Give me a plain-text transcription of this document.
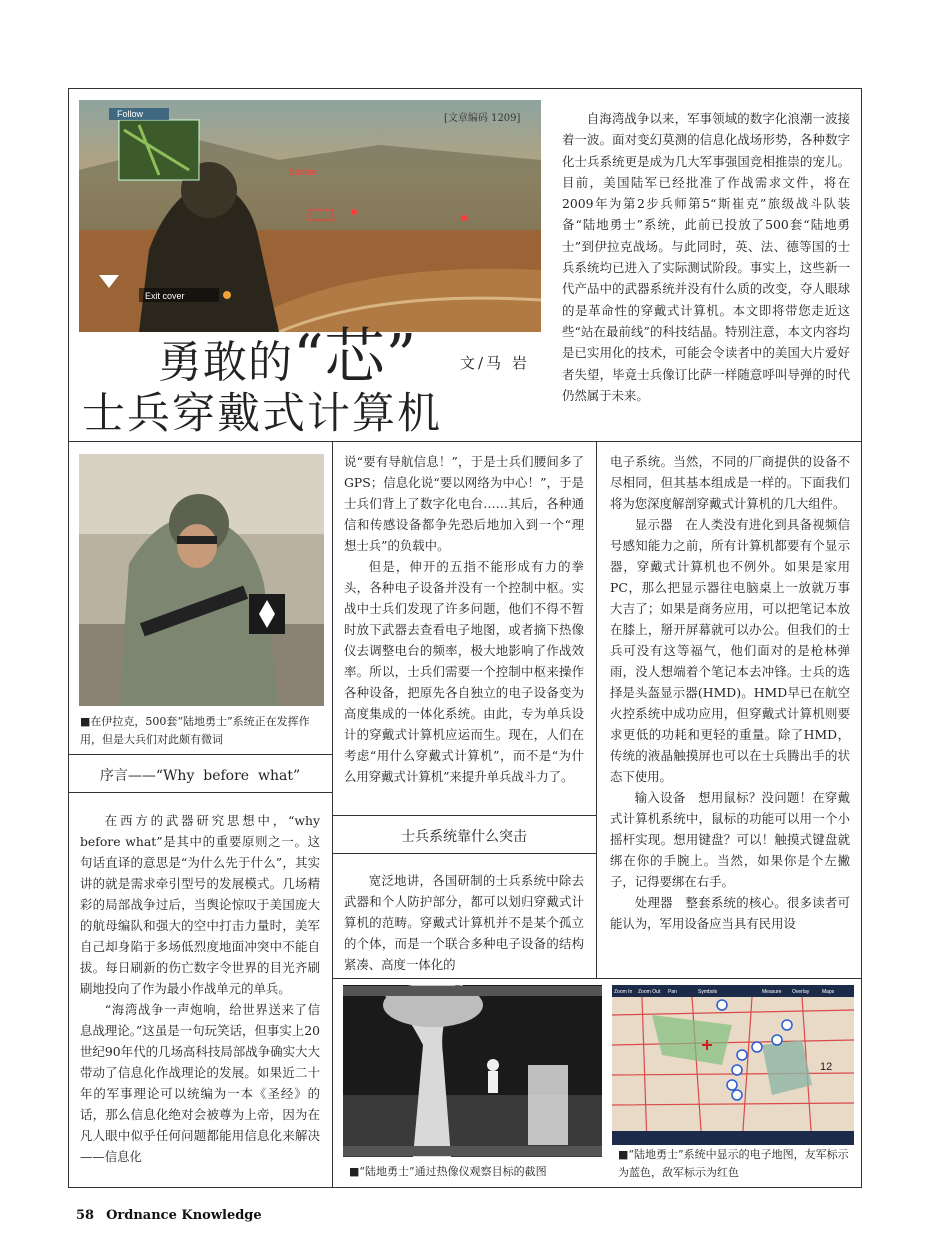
Follow
Soldier
Exit cover
[文章编码 1209]
勇敢的“芯”	文/马 岩
士兵穿戴式计算机

自海湾战争以来，军事领域的数字化浪潮一波接着一波。面对变幻莫测的信息化战场形势，各种数字化士兵系统更是成为几大军事强国竞相推崇的宠儿。目前，美国陆军已经批准了作战需求文件，将在2009年为第2步兵师第5“斯崔克”旅级战斗队装备“陆地勇士”系统，此前已投放了500套“陆地勇士”到伊拉克战场。与此同时，英、法、德等国的士兵系统均已进入了实际测试阶段。事实上，这些新一代产品中的武器系统并没有什么质的改变，夺人眼球的是革命性的穿戴式计算机。本文即将带您走近这些“站在最前线”的科技结晶。特别注意，本文内容均是已实用化的技术，可能会令读者中的美国大片爱好者失望，毕竟士兵像订比萨一样随意呼叫导弹的时代仍然属于未来。

■在伊拉克，500套“陆地勇士”系统正在发挥作用，但是大兵们对此颇有微词
序言——“Why  before  what”

在西方的武器研究思想中，“why before what”是其中的重要原则之一。这句话直译的意思是“为什么先于什么”，其实讲的就是需求牵引型号的发展模式。几场精彩的局部战争过后，当舆论惊叹于美国庞大的航母编队和强大的空中打击力量时，美军自己却身陷于多场低烈度地面冲突中不能自拔。每日刷新的伤亡数字令世界的目光齐刷刷地投向了作为最小作战单元的单兵。

“海湾战争一声炮响，给世界送来了信息战理论。”这虽是一句玩笑话，但事实上20世纪90年代的几场高科技局部战争确实大大带动了信息化作战理论的发展。如果近二十年的军事理论可以统编为一本《圣经》的话，那么信息化绝对会被尊为上帝，因为在凡人眼中似乎任何问题都能用信息化来解决——信息化

说“要有导航信息！”，于是士兵们腰间多了GPS；信息化说“要以网络为中心！”，于是士兵们背上了数字化电台……其后，各种通信和传感设备都争先恐后地加入到一个“理想士兵”的负载中。

但是，伸开的五指不能形成有力的拳头，各种电子设备并没有一个控制中枢。实战中士兵们发现了许多问题，他们不得不暂时放下武器去查看电子地图，或者摘下热像仪去调整电台的频率，极大地影响了作战效率。所以，士兵们需要一个控制中枢来操作各种设备，把原先各自独立的电子设备变为高度集成的一体化系统。由此，专为单兵设计的穿戴式计算机应运而生。现在，人们在考虑“用什么穿戴式计算机”，而不是“为什么用穿戴式计算机”来提升单兵战斗力了。

士兵系统靠什么突击

宽泛地讲，各国研制的士兵系统中除去武器和个人防护部分，都可以划归穿戴式计算机的范畴。穿戴式计算机并不是某个孤立的个体，而是一个联合多种电子设备的结构紧凑、高度一体化的

电子系统。当然，不同的厂商提供的设备不尽相同，但其基本组成是一样的。下面我们将为您深度解剖穿戴式计算机的几大组件。

显示器　在人类没有进化到具备视频信号感知能力之前，所有计算机都要有个显示器，穿戴式计算机也不例外。如果是家用PC，那么把显示器往电脑桌上一放就万事大吉了；如果是商务应用，可以把笔记本放在膝上，掰开屏幕就可以办公。但我们的士兵可没有这等福气，他们面对的是枪林弹雨，没人想端着个笔记本去冲锋。士兵的选择是头盔显示器(HMD)。HMD早已在航空火控系统中成功应用，但穿戴式计算机则要求更低的功耗和更轻的重量。除了HMD，传统的液晶触摸屏也可以在士兵腾出手的状态下使用。

输入设备　想用鼠标？没问题！在穿戴式计算机系统中，鼠标的功能可以用一个小摇杆实现。想用键盘？可以！触摸式键盘就绑在你的手腕上。当然，如果你是个左撇子，记得要绑在右手。

处理器　整套系统的核心。很多读者可能认为，军用设备应当具有民用设

■“陆地勇士”通过热像仪观察目标的截图
Zoom In Zoom Out Pan	Symbols	Measure Overlay	Maps
12
■“陆地勇士”系统中显示的电子地图，友军标示为蓝色，敌军标示为红色
58 Ordnance Knowledge
